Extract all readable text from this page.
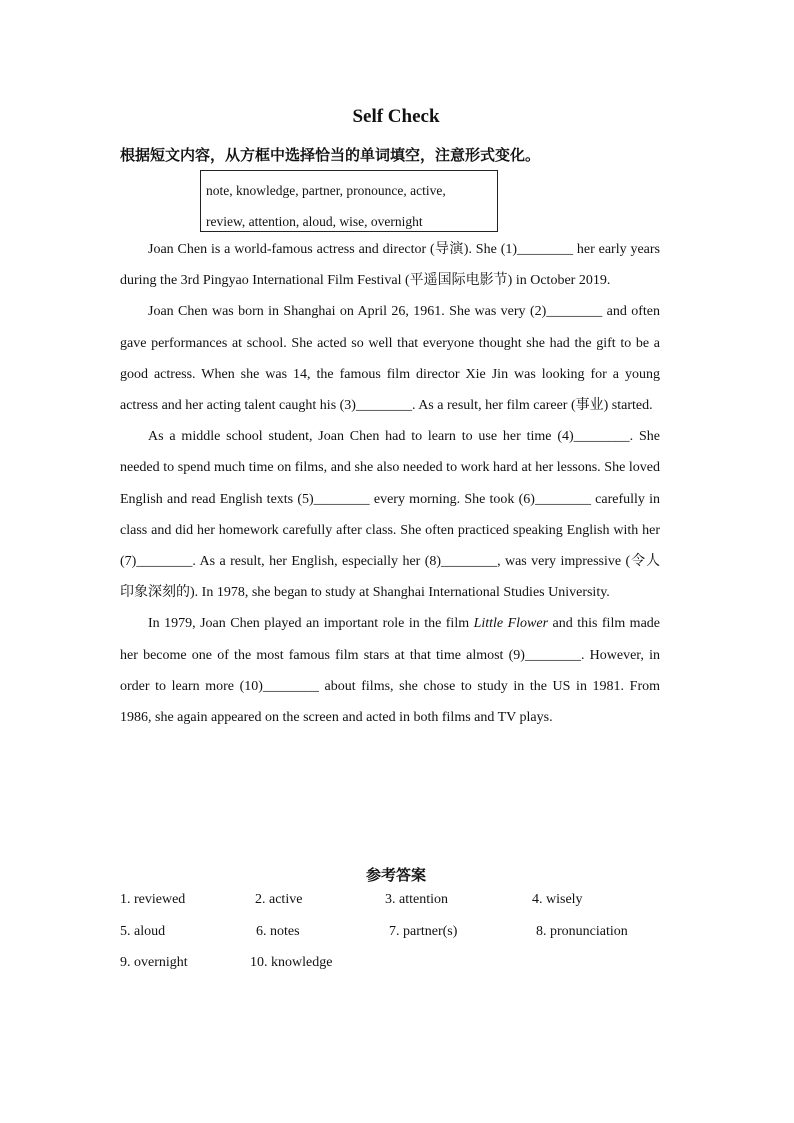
Self Check
根据短文内容，从方框中选择恰当的单词填空，注意形式变化。
note, knowledge, partner, pronounce, active,
review, attention, aloud, wise, overnight

Joan Chen is a world-famous actress and director (导演). She (1)________ her early years during the 3rd Pingyao International Film Festival (平遥国际电影节) in October 2019.

Joan Chen was born in Shanghai on April 26, 1961. She was very (2)________ and often gave performances at school. She acted so well that everyone thought she had the gift to be a good actress. When she was 14, the famous film director Xie Jin was looking for a young actress and her acting talent caught his (3)________. As a result, her film career (事业) started.

As a middle school student, Joan Chen had to learn to use her time (4)________. She needed to spend much time on films, and she also needed to work hard at her lessons. She loved English and read English texts (5)________ every morning. She took (6)________ carefully in class and did her homework carefully after class. She often practiced speaking English with her (7)________. As a result, her English, especially her (8)________, was very impressive (令人印象深刻的). In 1978, she began to study at Shanghai International Studies University.

In 1979, Joan Chen played an important role in the film Little Flower and this film made her become one of the most famous film stars at that time almost (9)________. However, in order to learn more (10)________ about films, she chose to study in the US in 1981. From 1986, she again appeared on the screen and acted in both films and TV plays.

参考答案
1. reviewed	2. active	3. attention	4. wisely
5. aloud	6. notes	7. partner(s)	8. pronunciation
9. overnight	10. knowledge
